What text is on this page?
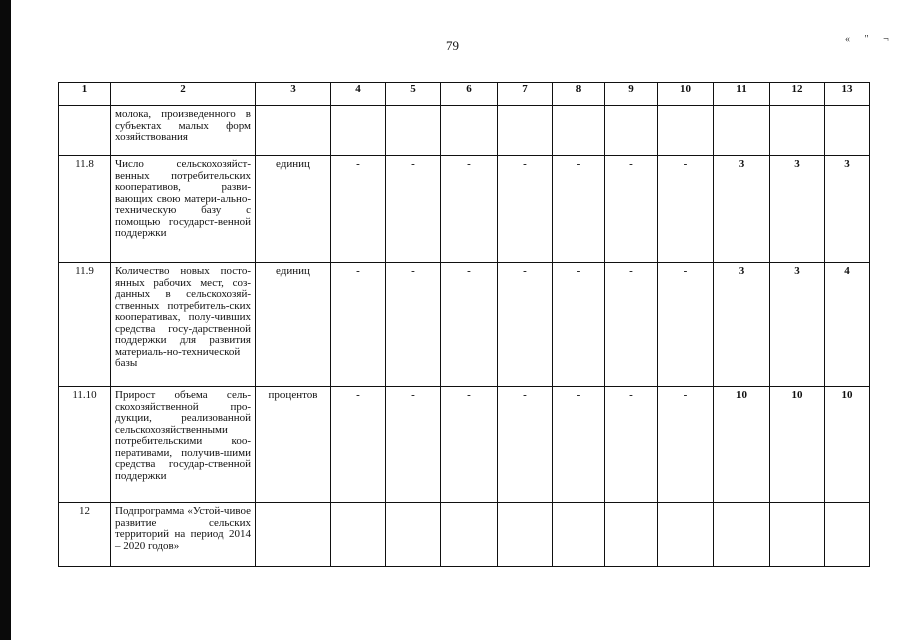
79	« " ¬
1	2	3	4	5	6	7	8	9	10	11	12	13

	молока, произведенного в субъектах малых форм хозяйствования											

11.8	Число сельскохозяйст-венных потребительских кооперативов, разви-вающих свою матери-ально-техническую базу с помощью государст-венной поддержки	единиц	-	-	-	-	-	-	-	3	3	3
11.9	Количество новых посто-янных рабочих мест, соз-данных в сельскохозяй-ственных потребитель-ских кооперативах, полу-чивших средства госу-дарственной поддержки для развития материаль-но-технической базы	единиц	-	-	-	-	-	-	-	3	3	4
11.10	Прирост объема сель-скохозяйственной про-дукции, реализованной сельскохозяйственными потребительскими коо-перативами, получив-шими средства государ-ственной поддержки	процентов	-	-	-	-	-	-	-	10	10	10
12	Подпрограмма «Устой-чивое развитие сельских территорий на период 2014 – 2020 годов»											
